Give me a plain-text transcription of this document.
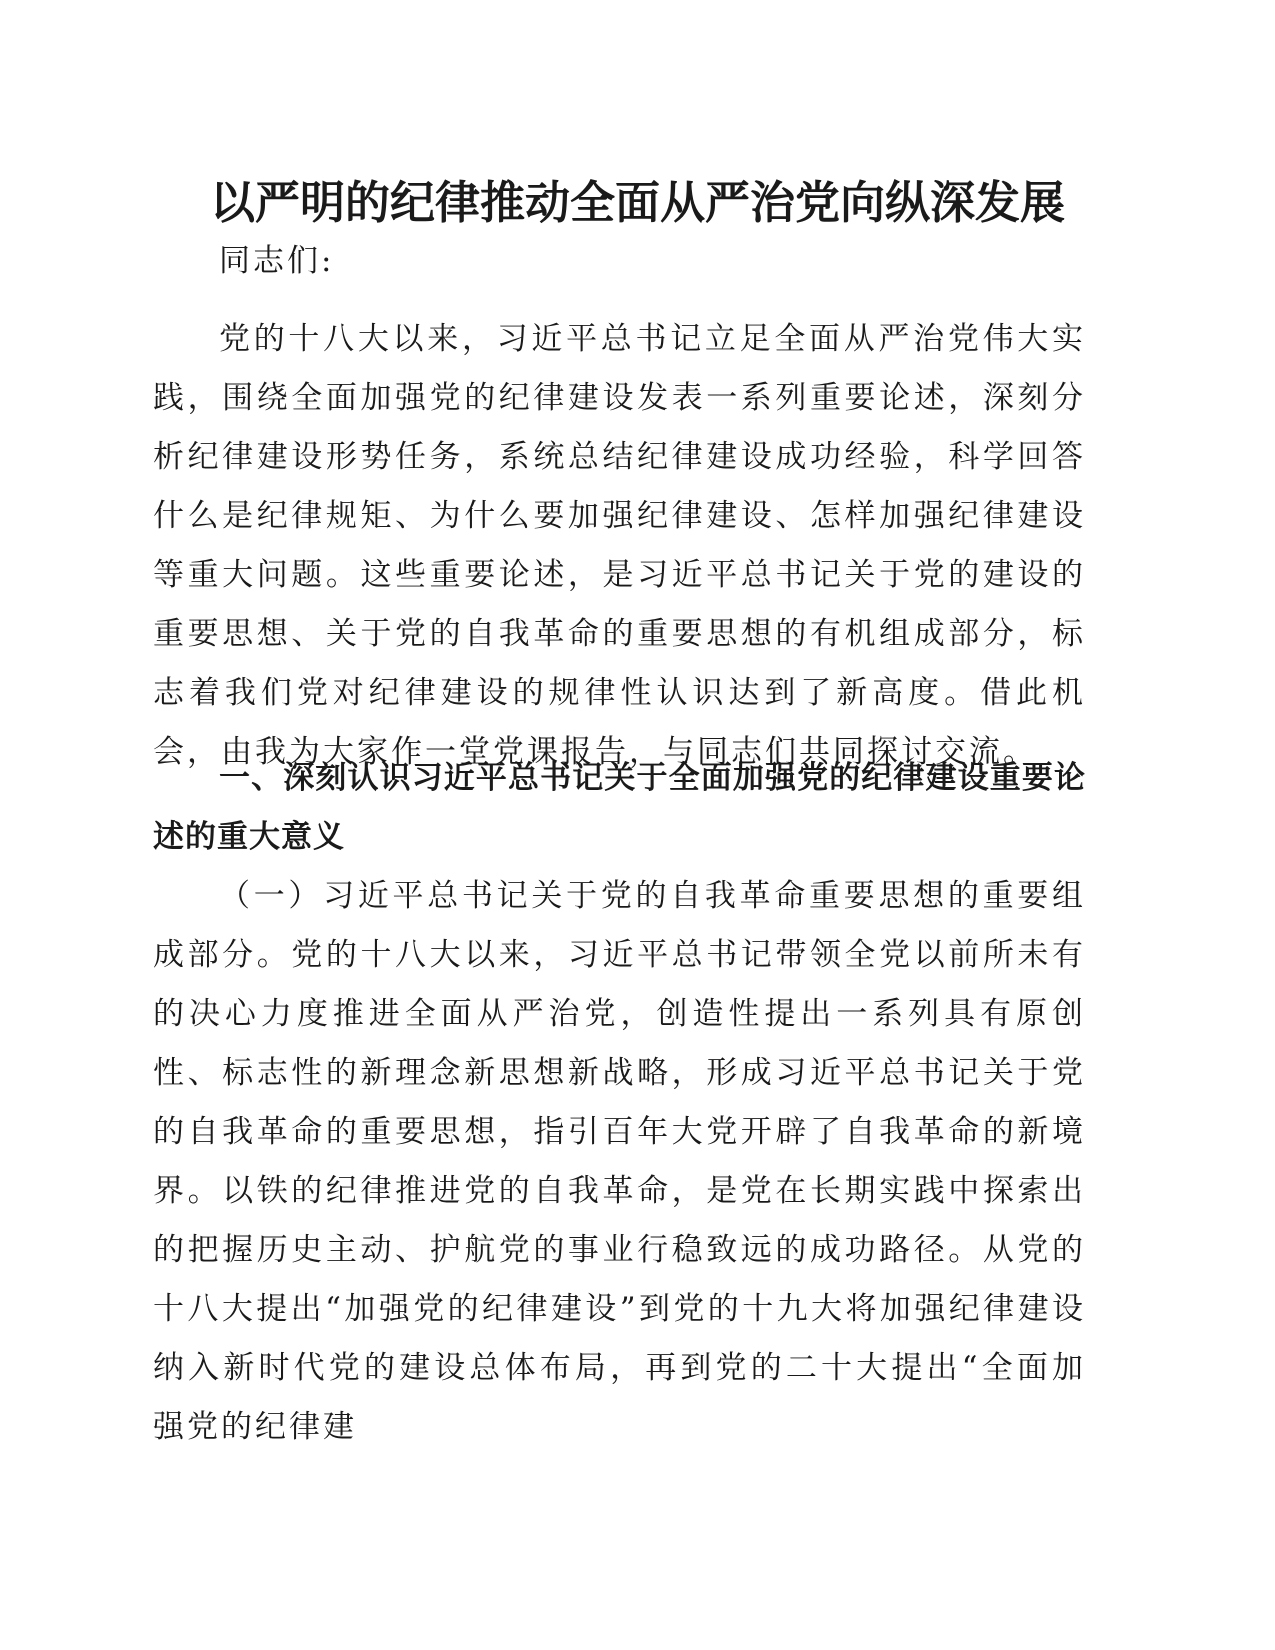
以严明的纪律推动全面从严治党向纵深发展

同志们:

党的十八大以来，习近平总书记立足全面从严治党伟大实践，围绕全面加强党的纪律建设发表一系列重要论述，深刻分析纪律建设形势任务，系统总结纪律建设成功经验，科学回答什么是纪律规矩、为什么要加强纪律建设、怎样加强纪律建设等重大问题。这些重要论述，是习近平总书记关于党的建设的重要思想、关于党的自我革命的重要思想的有机组成部分，标志着我们党对纪律建设的规律性认识达到了新高度。借此机会，由我为大家作一堂党课报告，与同志们共同探讨交流。

一、深刻认识习近平总书记关于全面加强党的纪律建设重要论述的重大意义

（一）习近平总书记关于党的自我革命重要思想的重要组成部分。党的十八大以来，习近平总书记带领全党以前所未有的决心力度推进全面从严治党，创造性提出一系列具有原创性、标志性的新理念新思想新战略，形成习近平总书记关于党的自我革命的重要思想，指引百年大党开辟了自我革命的新境界。以铁的纪律推进党的自我革命，是党在长期实践中探索出的把握历史主动、护航党的事业行稳致远的成功路径。从党的十八大提出“加强党的纪律建设”到党的十九大将加强纪律建设纳入新时代党的建设总体布局，再到党的二十大提出“全面加强党的纪律建
